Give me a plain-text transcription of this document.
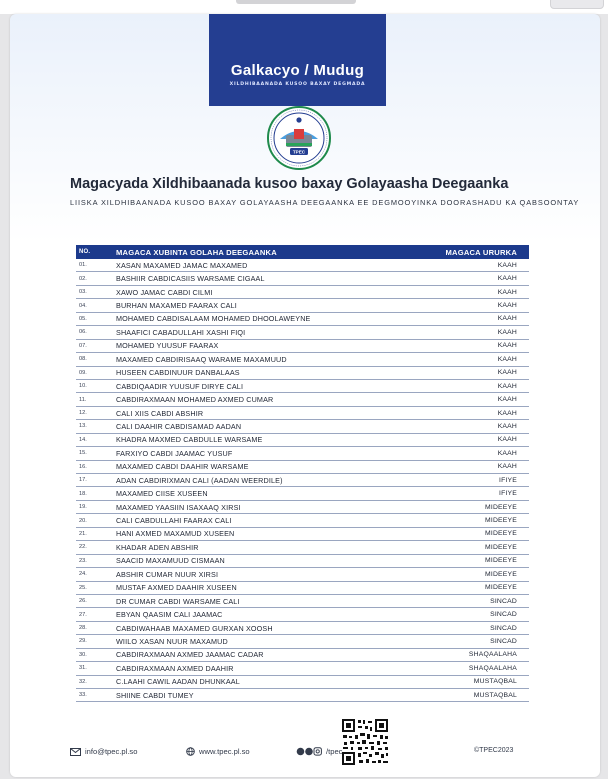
Galkacyo / Mudug
XILDHIBAANADA KUSOO BAXAY DEGMADA
TPEC
Magacyada Xildhibaanada kusoo baxay Golayaasha Deegaanka
LIISKA XILDHIBAANADA KUSOO BAXAY GOLAYAASHA DEEGAANKA EE DEGMOOYINKA DOORASHADU KA QABSOONTAY
NO.	MAGACA XUBINTA GOLAHA DEEGAANKA	MAGACA URURKA
01.	XASAN MAXAMED JAMAC MAXAMED	KAAH
02.	BASHIIR CABDICASIIS WARSAME CIGAAL	KAAH
03.	XAWO JAMAC CABDI CILMI	KAAH
04.	BURHAN MAXAMED FAARAX CALI	KAAH
05.	MOHAMED CABDISALAAM MOHAMED DHOOLAWEYNE	KAAH
06.	SHAAFICI CABADULLAHI XASHI FIQI	KAAH
07.	MOHAMED YUUSUF FAARAX	KAAH
08.	MAXAMED CABDIRISAAQ WARAME MAXAMUUD	KAAH
09.	HUSEEN CABDINUUR DANBALAAS	KAAH
10.	CABDIQAADIR YUUSUF DIRYE CALI	KAAH
11.	CABDIRAXMAAN MOHAMED AXMED CUMAR	KAAH
12.	CALI XIIS CABDI ABSHIR	KAAH
13.	CALI DAAHIR CABDISAMAD AADAN	KAAH
14.	KHADRA MAXMED CABDULLE WARSAME	KAAH
15.	FARXIYO CABDI JAAMAC YUSUF	KAAH
16.	MAXAMED CABDI DAAHIR WARSAME	KAAH
17.	ADAN CABDIRIXMAN CALI (AADAN WEERDILE)	IFIYE
18.	MAXAMED CIISE XUSEEN	IFIYE
19.	MAXAMED YAASIIN ISAXAAQ XIRSI	MIDEEYE
20.	CALI CABDULLAHI FAARAX CALI	MIDEEYE
21.	HANI AXMED MAXAMUD XUSEEN	MIDEEYE
22.	KHADAR ADEN ABSHIR	MIDEEYE
23.	SAACID MAXAMUUD CISMAAN	MIDEEYE
24.	ABSHIR CUMAR NUUR XIRSI	MIDEEYE
25.	MUSTAF AXMED DAAHIR XUSEEN	MIDEEYE
26.	DR CUMAR CABDI WARSAME CALI	SINCAD
27.	EBYAN QAASIM CALI JAAMAC	SINCAD
28.	CABDIWAHAAB MAXAMED GURXAN XOOSH	SINCAD
29.	WIILO XASAN NUUR MAXAMUD	SINCAD
30.	CABDIRAXMAAN AXMED JAAMAC CADAR	SHAQAALAHA
31.	CABDIRAXMAAN AXMED DAAHIR	SHAQAALAHA
32.	C.LAAHI CAWIL AADAN DHUNKAAL	MUSTAQBAL
33.	SHIINE CABDI TUMEY	MUSTAQBAL
info@tpec.pl.so	www.tpec.pl.so	/tpec	©TPEC2023
